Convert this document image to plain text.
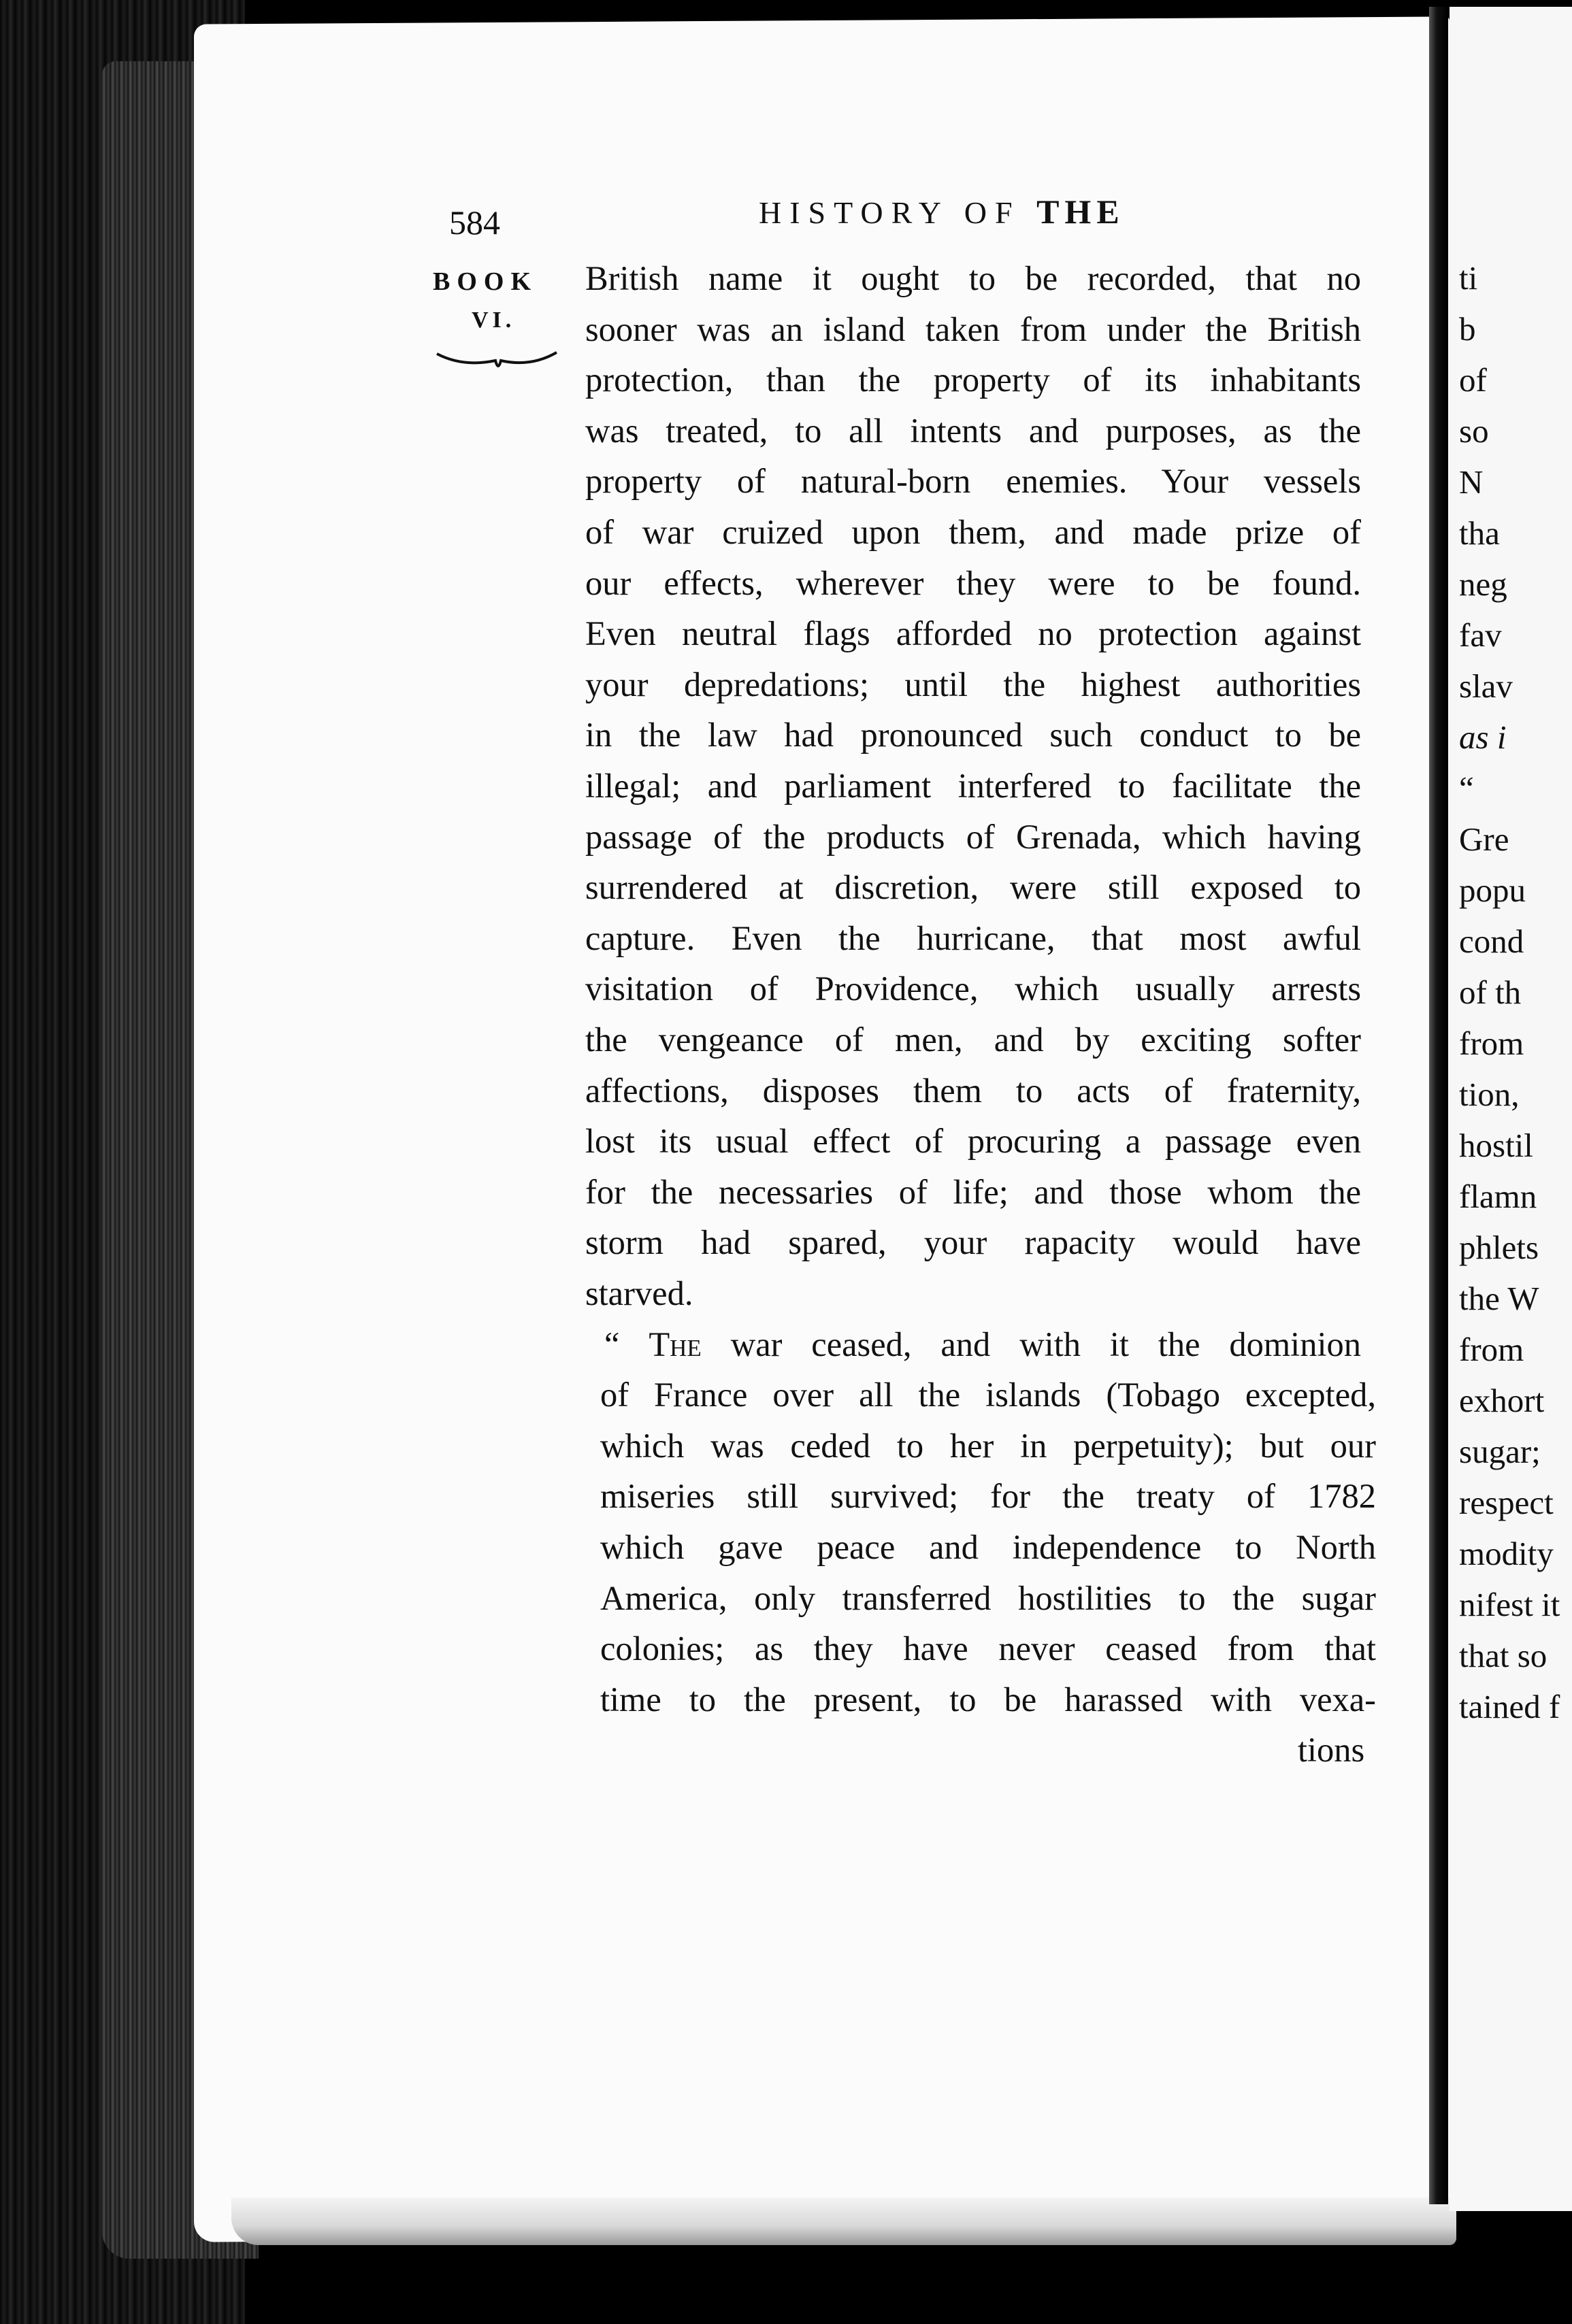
ti
b
of
so
N
tha
neg
fav
slav
as i
“
Gre
popu
cond
of th
from
tion,
hostil
flamn
phlets
the W
from
exhort
sugar;
respect
modity
nifest it
that so
tained f
584	HISTORY OF THE
BOOK
VI.
British name it ought to be recorded, that no
sooner was an island taken from under the British
protection, than the property of its inhabitants
was treated, to all intents and purposes, as the
property of natural-born enemies. Your vessels
of war cruized upon them, and made prize of
our effects, wherever they were to be found.
Even neutral flags afforded no protection against
your depredations; until the highest authorities
in the law had pronounced such conduct to be
illegal; and parliament interfered to facilitate the
passage of the products of Grenada, which having
surrendered at discretion, were still exposed to
capture. Even the hurricane, that most awful
visitation of Providence, which usually arrests
the vengeance of men, and by exciting softer
affections, disposes them to acts of fraternity,
lost its usual effect of procuring a passage even
for the necessaries of life; and those whom the
storm had spared, your rapacity would have
starved.
“ The war ceased, and with it the dominion
of France over all the islands (Tobago excepted,
which was ceded to her in perpetuity); but our
miseries still survived; for the treaty of 1782
which gave peace and independence to North
America, only transferred hostilities to the sugar
colonies; as they have never ceased from that
time to the present, to be harassed with vexa-
tions
